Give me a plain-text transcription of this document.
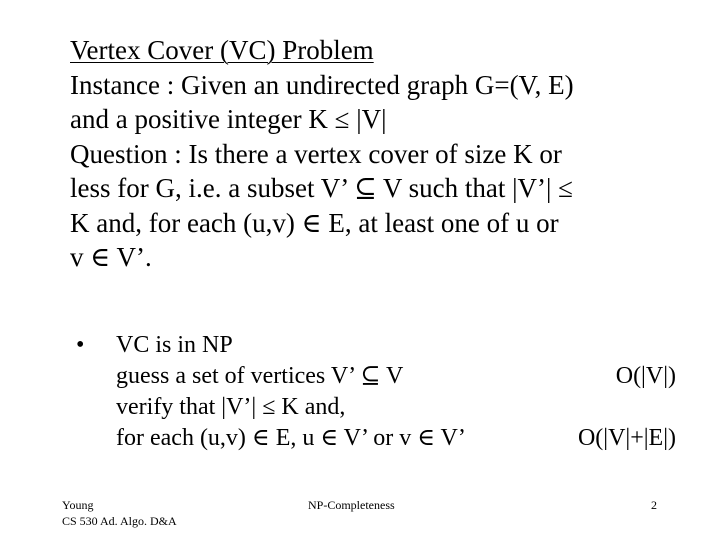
Vertex Cover (VC) Problem
Instance : Given an undirected graph G=(V, E)
and a positive integer K ≤ |V|
Question : Is there a vertex cover of size K or
less for G, i.e. a subset V’ ⊆ V such that |V’| ≤
K and, for each (u,v) ∈ E, at least one of u or
v ∈ V’.
•	VC is in NP
guess a set of vertices V’ ⊆ V	O(|V|)
verify that |V’| ≤ K and,
for each (u,v) ∈ E, u ∈ V’ or v ∈ V’	O(|V|+|E|)
Young
CS 530 Ad. Algo. D&A
NP-Completeness	2
